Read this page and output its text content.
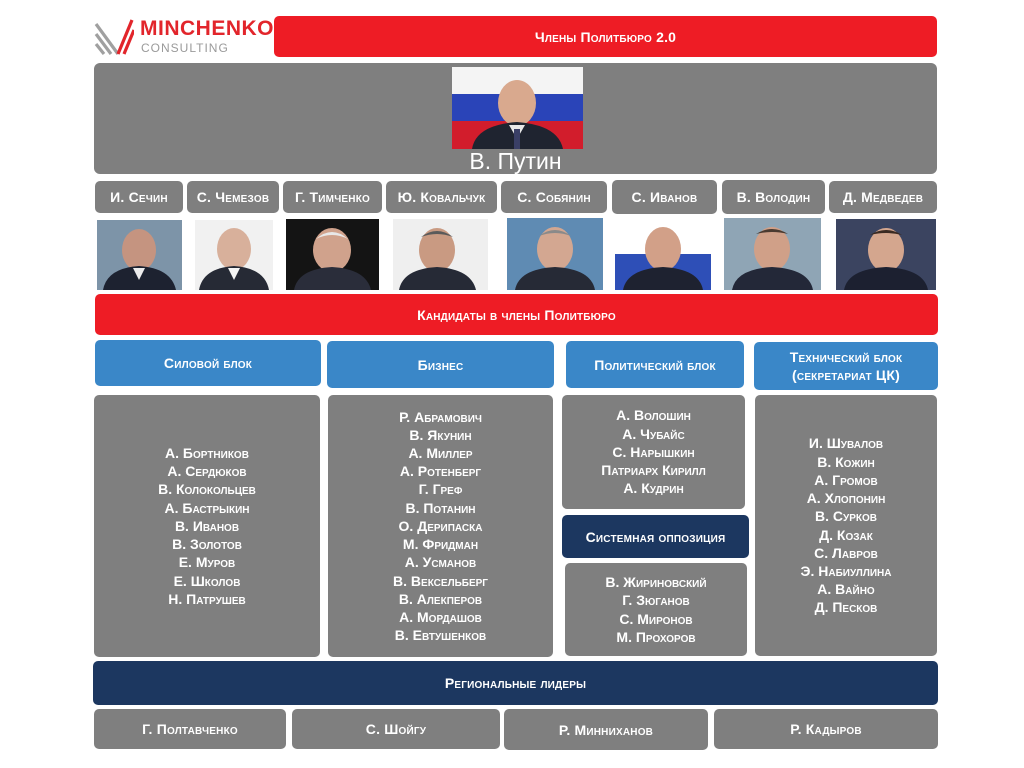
MINCHENKO
CONSULTING
Члены Политбюро 2.0
В. Путин
И. Сечин	С. Чемезов	Г. Тимченко	Ю. Ковальчук	С. Собянин	С. Иванов	В. Володин	Д. Медведев
Кандидаты в члены Политбюро
Силовой блок	Бизнес	Политический блок	Технический блок
(секретариат ЦК)
А. Бортников
А. Сердюков
В. Колокольцев
А. Бастрыкин
В. Иванов
В. Золотов
Е. Муров
Е. Школов
Н. Патрушев
Р. Абрамович
В. Якунин
А. Миллер
А. Ротенберг
Г. Греф
В. Потанин
О. Дерипаска
М. Фридман
А. Усманов
В. Вексельберг
В. Алекперов
А. Мордашов
В. Евтушенков
А. Волошин
А. Чубайс
С. Нарышкин
Патриарх Кирилл
А. Кудрин
Системная оппозиция
В. Жириновский
Г. Зюганов
С. Миронов
М. Прохоров
И. Шувалов
В. Кожин
А. Громов
А. Хлопонин
В. Сурков
Д. Козак
С. Лавров
Э. Набиуллина
А. Вайно
Д. Песков
Региональные лидеры
Г. Полтавченко	С. Шойгу	Р. Минниханов	Р. Кадыров
